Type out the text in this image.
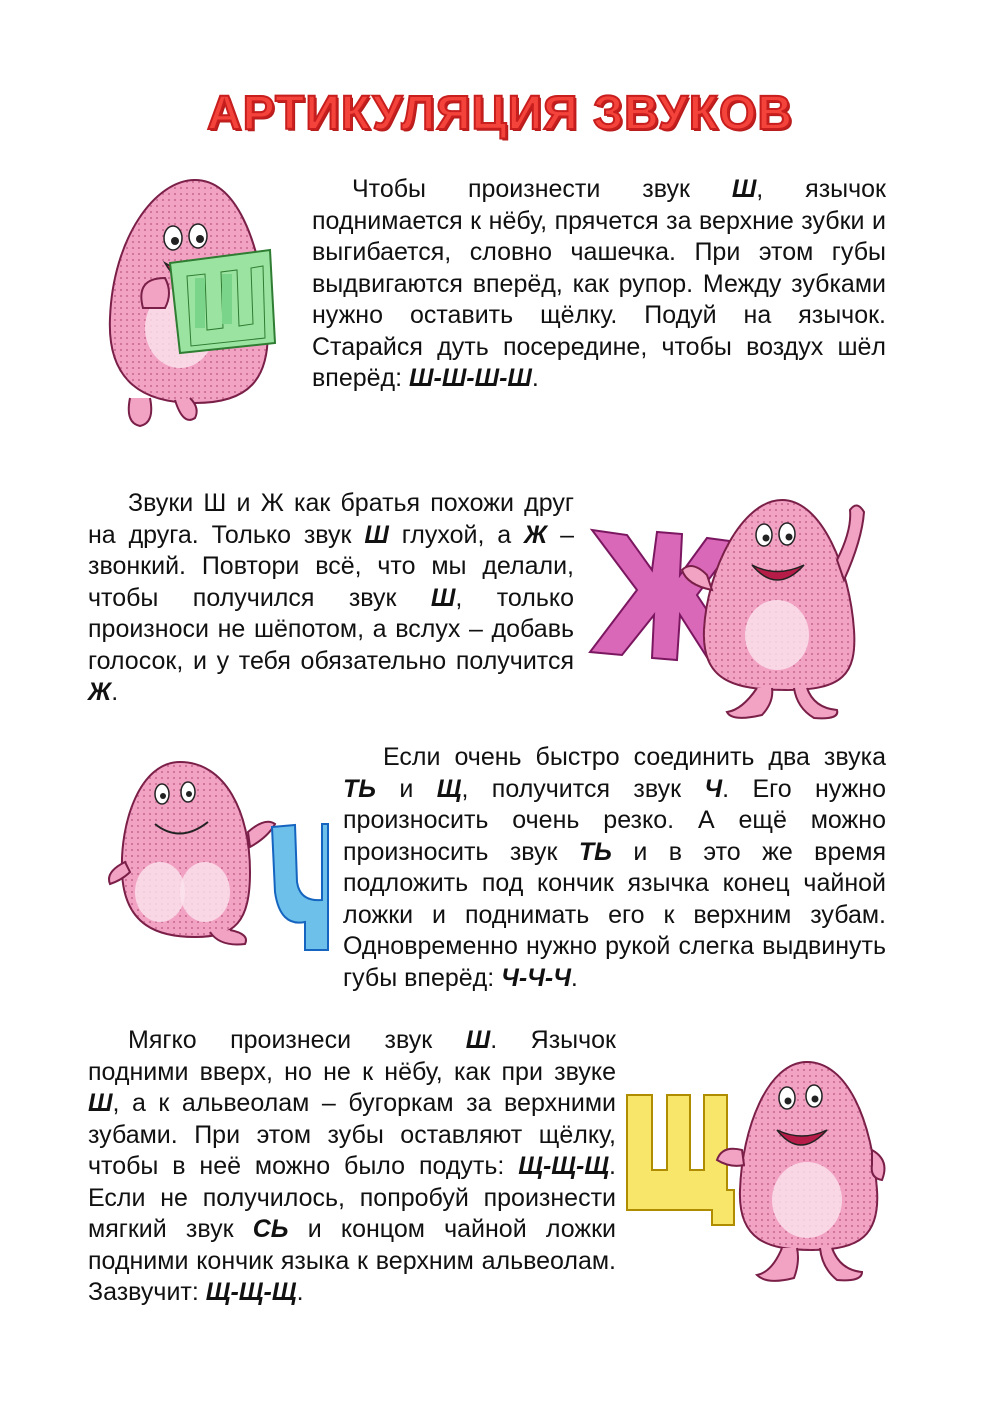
АРТИКУЛЯЦИЯ ЗВУКОВ

Чтобы произнести звук Ш, язычок поднимается к нёбу, прячется за верхние зубки и выгибается, словно чашечка. При этом губы выдвигаются вперёд, как рупор. Между зубками нужно оставить щёлку. Подуй на язычок. Старайся дуть посередине, чтобы воздух шёл вперёд: Ш-Ш-Ш-Ш.

Звуки Ш и Ж как братья похожи друг на друга. Только звук Ш глухой, а Ж – звонкий. Повтори всё, что мы делали, чтобы получился звук Ш, только произноси не шёпотом, а вслух – добавь голосок, и у тебя обязательно получится Ж.

Если очень быстро соединить два звука ТЬ и Щ, получится звук Ч. Его нужно произносить очень резко. А ещё можно произносить звук ТЬ и в это же время подложить под кончик язычка конец чайной ложки и поднимать его к верхним зубам. Одновременно нужно рукой слегка выдвинуть губы вперёд: Ч-Ч-Ч.

Мягко произнеси звук Ш. Язычок подними вверх, но не к нёбу, как при звуке Ш, а к альвеолам – бугоркам за верхними зубами. При этом зубы оставляют щёлку, чтобы в неё можно было подуть: Щ-Щ-Щ. Если не получилось, попробуй произнести мягкий звук СЬ и концом чайной ложки подними кончик языка к верхним альвеолам. Зазвучит: Щ-Щ-Щ.
